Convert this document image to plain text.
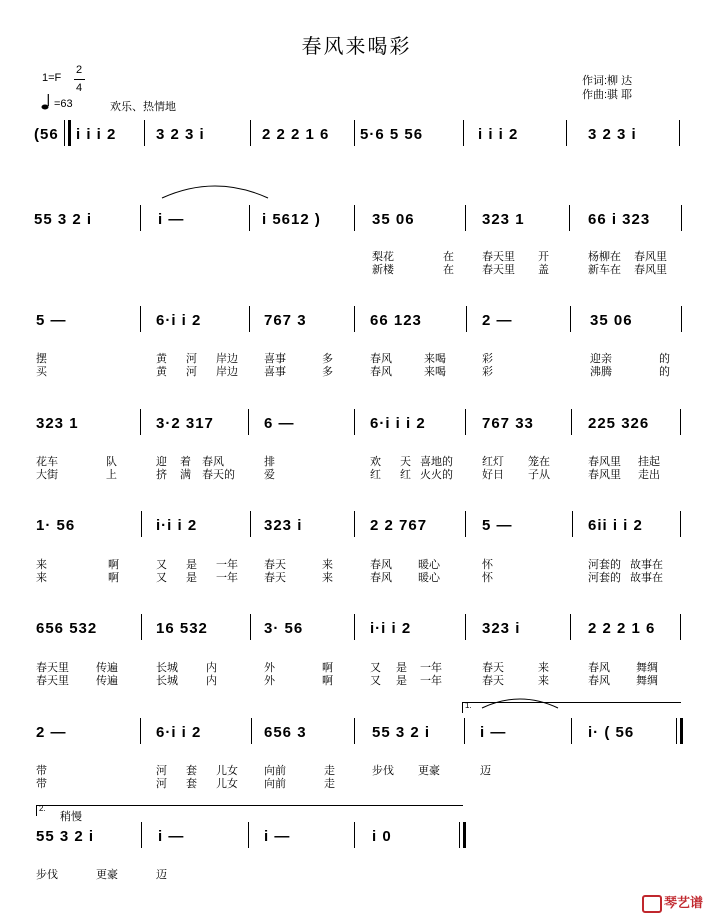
春风来喝彩
1=F
2
4
=63	欢乐、热情地
作词:柳 达
作曲:骐 耶
(56 i i i 2	3 2 3 i	2 2 2 1 6 5·6 5 56	i i i 2	3 2 3 i
55 3 2 i	i —	i 5612 )	35 06	323 1	66 i 323
梨花	在	春天里 开	杨柳在 春风里
新楼	在	春天里 盖	新车在 春风里
5 —	6·i i 2	767 3	66 123	2 —	35 06
摆	黄 河 岸边 喜事	多	春风	来喝	彩	迎亲	的
买	黄 河 岸边 喜事	多	春风	来喝	彩	沸腾	的
323 1	3·2 317	6 —	6·i i i 2	767 33	225 326
花车	队	迎 着 春风	排	欢 天 喜地的	红灯 笼在	春风里 挂起
大街	上	挤 满 春天的	爱	红 红 火火的	好日 子从	春风里 走出
1· 56	i·i i 2	323 i	2 2 767	5 —	6ii i i 2
来	啊	又 是 一年 春天	来	春风 暖心	怀	河套的 故事在
来	啊	又 是 一年 春天	来	春风 暖心	怀	河套的 故事在
656 532	16 532	3· 56	i·i i 2	323 i	2 2 2 1 6
春天里 传遍	长城	内	外	啊	又 是 一年	春天	来	春风 舞绸
春天里 传遍	长城	内	外	啊	又 是 一年	春天	来	春风 舞绸
1.
2 —	6·i i 2	656 3	55 3 2 i	i —	i· ( 56
带	河 套 儿女 向前	走	步伐 更豪	迈
带	河 套 儿女 向前	走
2.
稍慢
55 3 2 i	i —	i —	i 0
步伐	更豪	迈
琴艺谱
